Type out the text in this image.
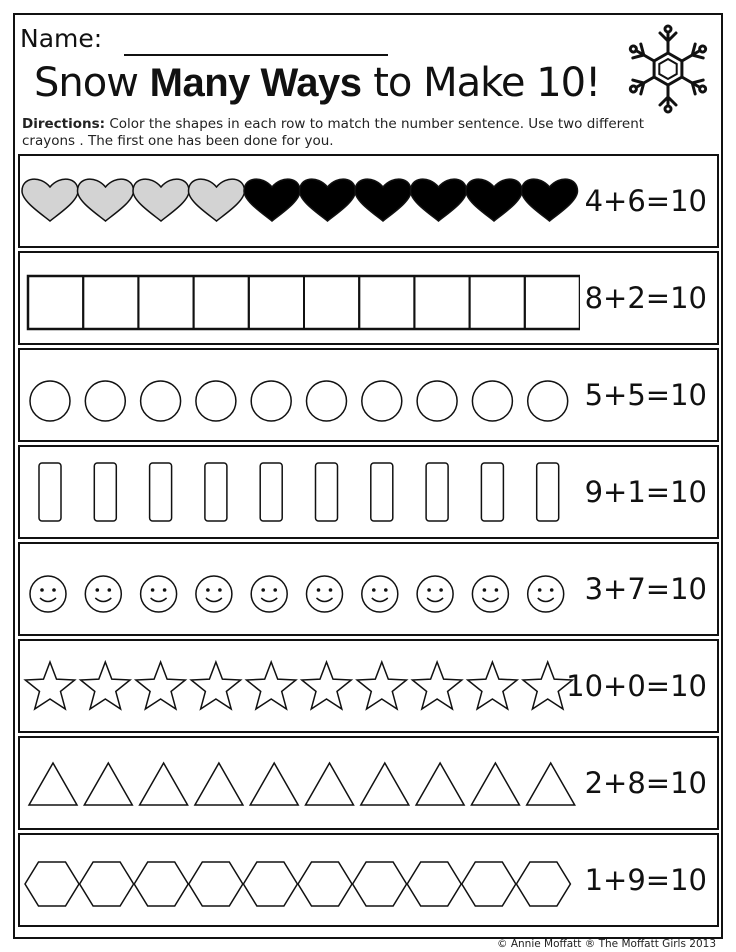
Name:
Snow Many Ways to Make 10!
Directions: Color the shapes in each row to match the number sentence. Use two different
crayons . The first one has been done for you.
4+6=10
8+2=10
5+5=10
9+1=10
3+7=10
10+0=10
2+8=10
1+9=10
© Annie Moffatt ® The Moffatt Girls 2013
